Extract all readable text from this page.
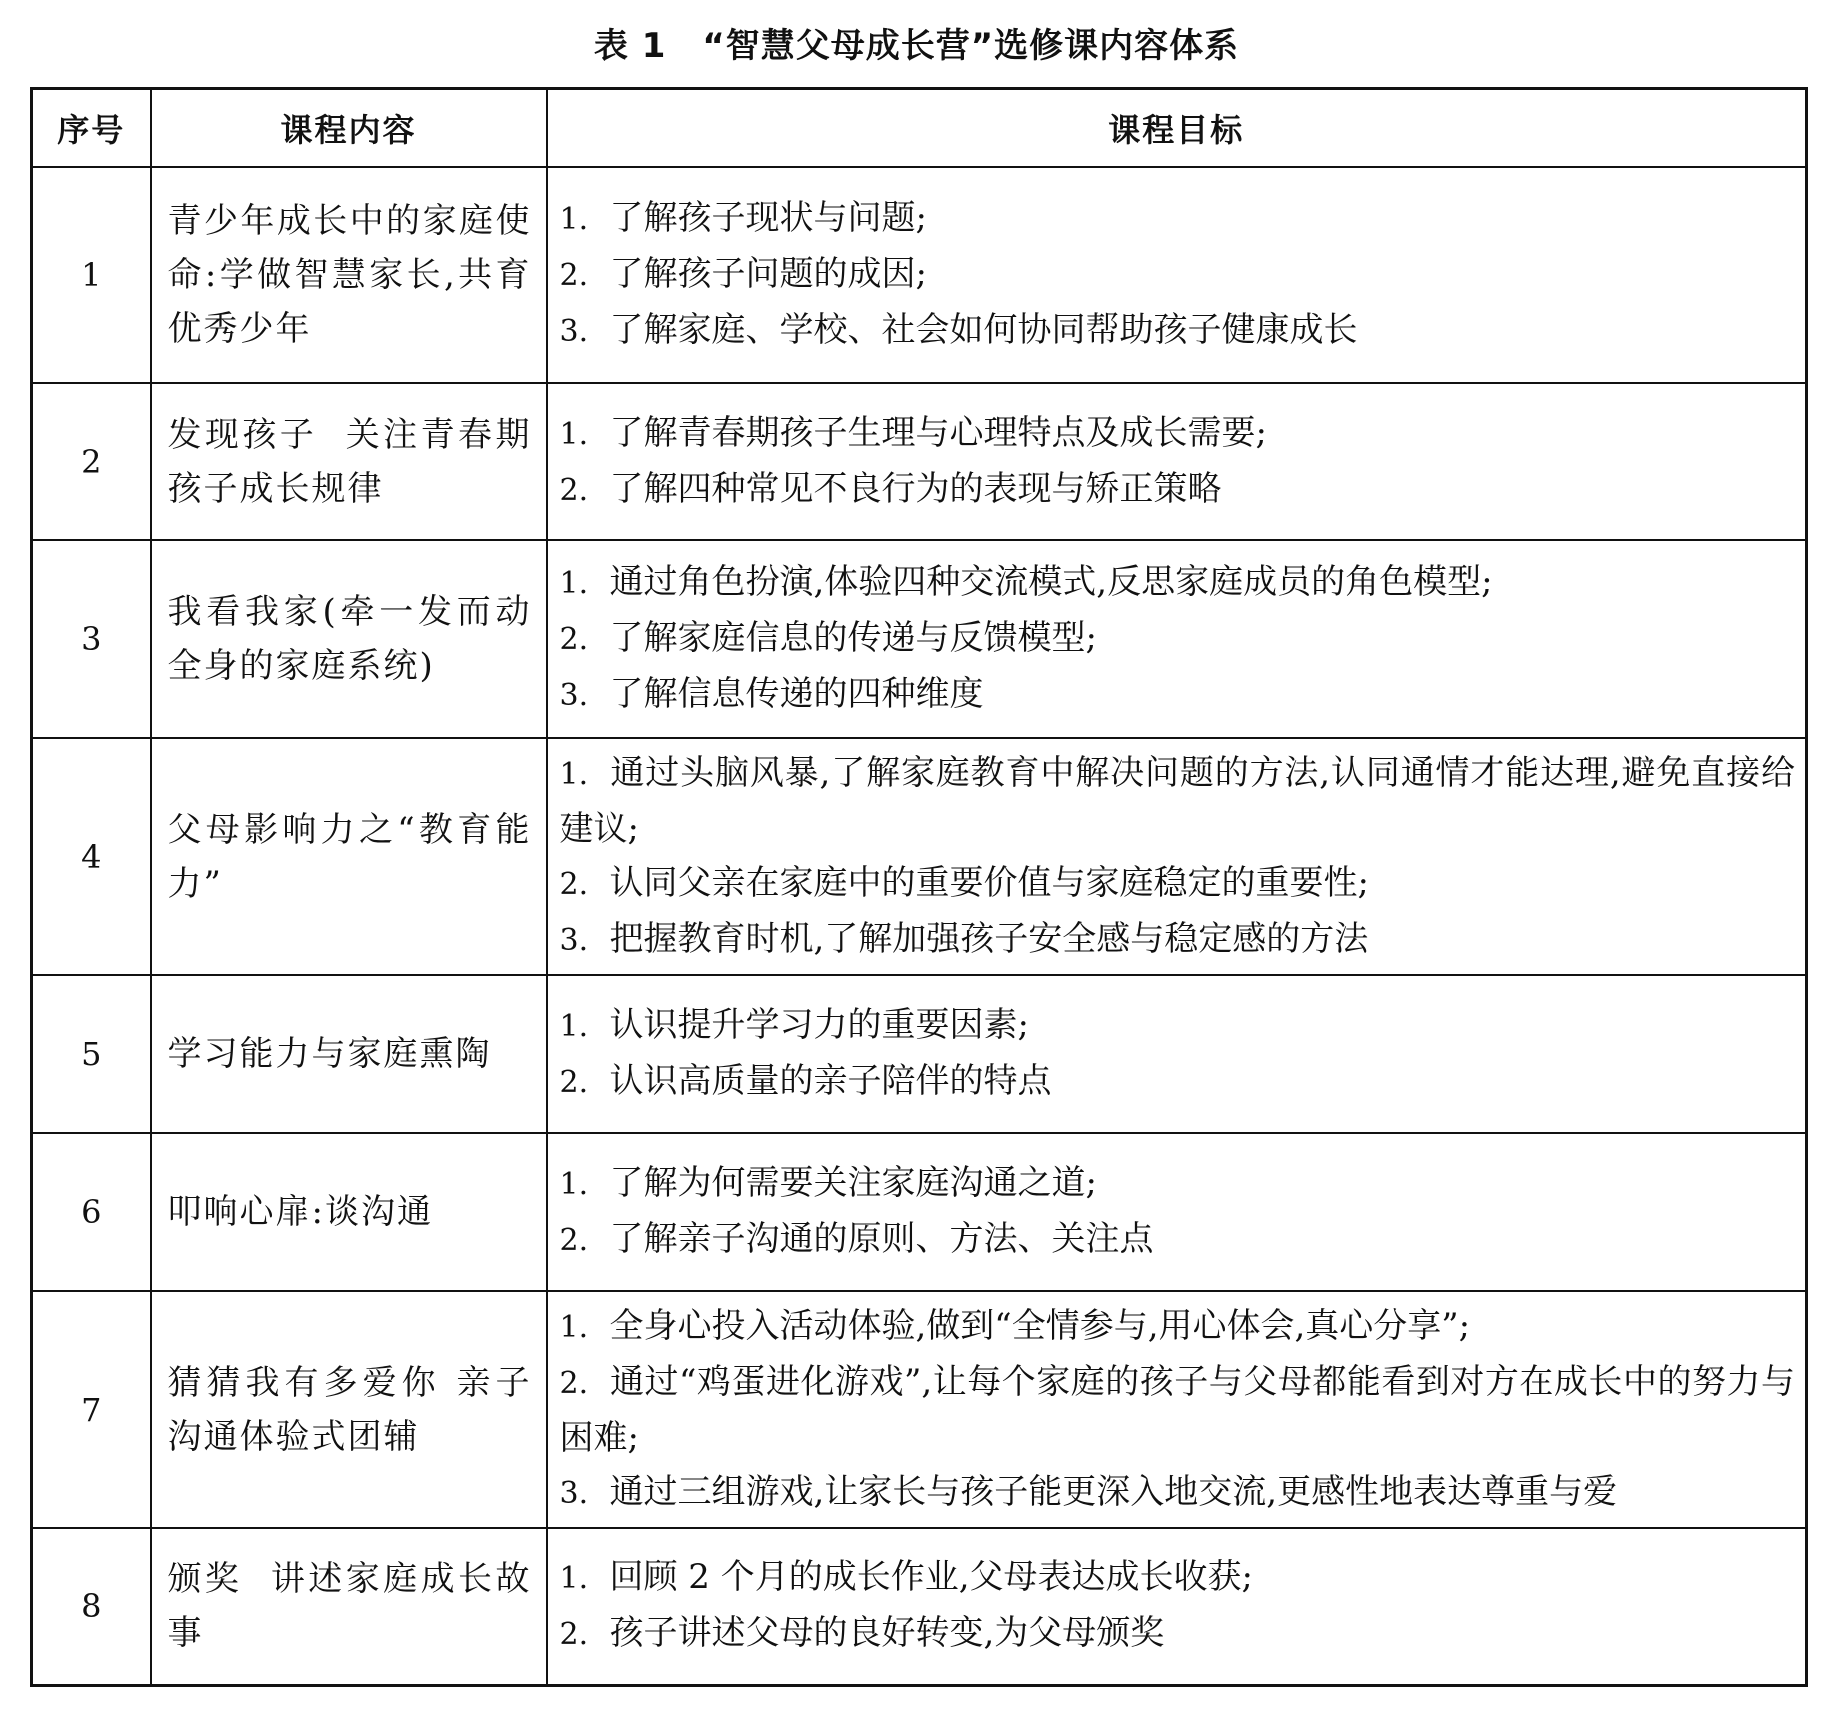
表 1 “智慧父母成长营”选修课内容体系
序号	课程内容	课程目标
1	青少年成长中的家庭使命:学做智慧家长,共育优秀少年	1. 了解孩子现状与问题;
2. 了解孩子问题的成因;
3. 了解家庭、学校、社会如何协同帮助孩子健康成长

2	发现孩子  关注青春期孩子成长规律	1. 了解青春期孩子生理与心理特点及成长需要;
2. 了解四种常见不良行为的表现与矫正策略

3	我看我家(牵一发而动全身的家庭系统)	1. 通过角色扮演,体验四种交流模式,反思家庭成员的角色模型;
2. 了解家庭信息的传递与反馈模型;
3. 了解信息传递的四种维度

4	父母影响力之“教育能力”	1. 通过头脑风暴,了解家庭教育中解决问题的方法,认同通情才能达理,避免直接给建议;
2. 认同父亲在家庭中的重要价值与家庭稳定的重要性;
3. 把握教育时机,了解加强孩子安全感与稳定感的方法

5	学习能力与家庭熏陶	1. 认识提升学习力的重要因素;
2. 认识高质量的亲子陪伴的特点

6	叩响心扉:谈沟通	1. 了解为何需要关注家庭沟通之道;
2. 了解亲子沟通的原则、方法、关注点

7	猜猜我有多爱你 亲子沟通体验式团辅	1. 全身心投入活动体验,做到“全情参与,用心体会,真心分享”;
2. 通过“鸡蛋进化游戏”,让每个家庭的孩子与父母都能看到对方在成长中的努力与困难;
3. 通过三组游戏,让家长与孩子能更深入地交流,更感性地表达尊重与爱

8	颁奖  讲述家庭成长故事	1. 回顾 2 个月的成长作业,父母表达成长收获;
2. 孩子讲述父母的良好转变,为父母颁奖
